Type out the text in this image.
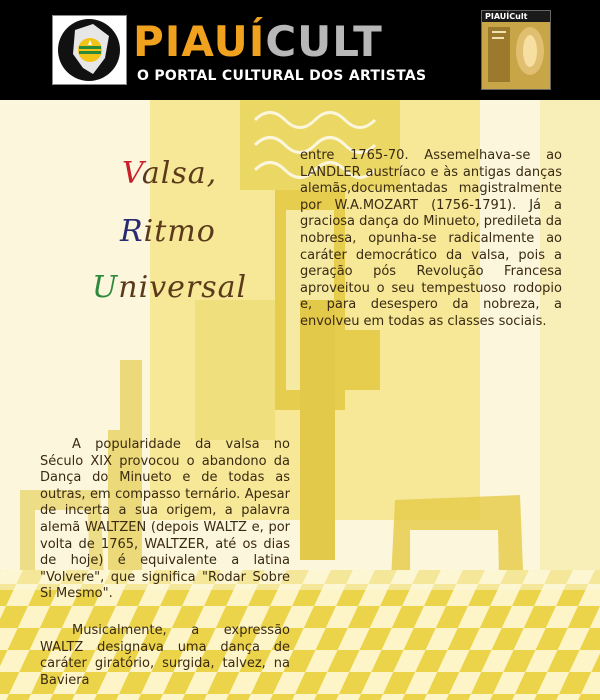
PIAUÍCULT
O PORTAL CULTURAL DOS ARTISTAS
PIAUÍCult
Valsa,
Ritmo
Universal

entre 1765-70. Assemelhava-se ao LANDLER austríaco e às antigas danças alemãs,documentadas magistralmente por W.A.MOZART (1756-1791). Já a graciosa dança do Minueto, predileta da nobresa, opunha-se radicalmente ao caráter democrático da valsa, pois a geração pós Revolução Francesa aproveitou o seu tempestuoso rodopio e, para desespero da nobreza, a envolveu em todas as classes sociais.

A popularidade da valsa no Século XIX provocou o abandono da Dança do Minueto e de todas as outras, em compasso ternário. Apesar de incerta a sua origem, a palavra alemã WALTZEN (depois WALTZ e, por volta de 1765, WALTZER, até os dias de hoje) é equivalente a latina "Volvere", que significa "Rodar Sobre Si Mesmo".

Musicalmente, a expressão WALTZ designava uma dança de caráter giratório, surgida, talvez, na Baviera
